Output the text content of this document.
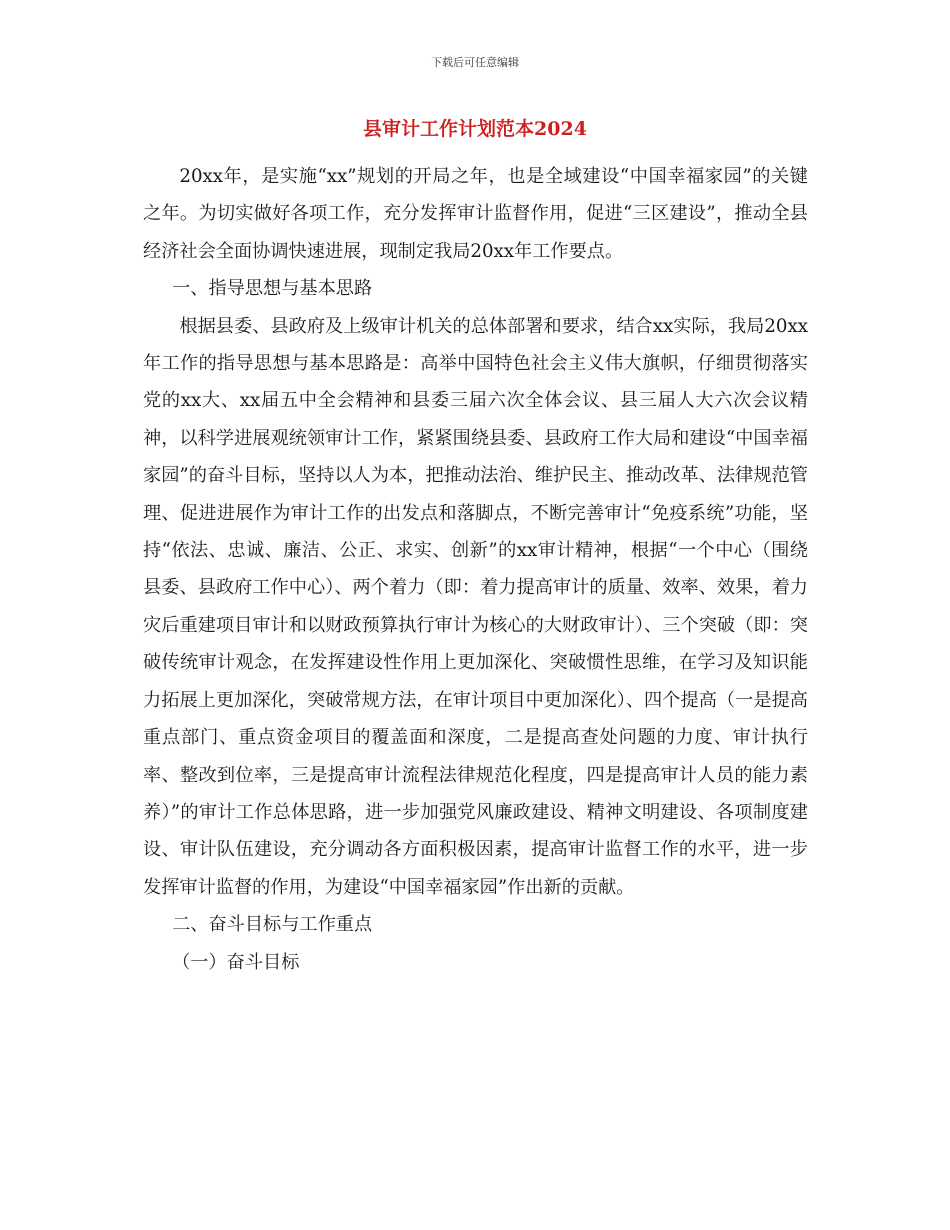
下载后可任意编辑
县审计工作计划范本2024

20xx年，是实施“xx”规划的开局之年，也是全域建设“中国幸福家园”的关键之年。为切实做好各项工作，充分发挥审计监督作用，促进“三区建设”，推动全县经济社会全面协调快速进展，现制定我局20xx年工作要点。

一、指导思想与基本思路

根据县委、县政府及上级审计机关的总体部署和要求，结合xx实际，我局20xx年工作的指导思想与基本思路是：高举中国特色社会主义伟大旗帜，仔细贯彻落实党的xx大、xx届五中全会精神和县委三届六次全体会议、县三届人大六次会议精神，以科学进展观统领审计工作，紧紧围绕县委、县政府工作大局和建设“中国幸福家园”的奋斗目标，坚持以人为本，把推动法治、维护民主、推动改革、法律规范管理、促进进展作为审计工作的出发点和落脚点，不断完善审计“免疫系统”功能，坚持“依法、忠诚、廉洁、公正、求实、创新”的xx审计精神，根据“一个中心（围绕县委、县政府工作中心）、两个着力（即：着力提高审计的质量、效率、效果，着力灾后重建项目审计和以财政预算执行审计为核心的大财政审计）、三个突破（即：突破传统审计观念，在发挥建设性作用上更加深化、突破惯性思维，在学习及知识能力拓展上更加深化，突破常规方法，在审计项目中更加深化）、四个提高（一是提高重点部门、重点资金项目的覆盖面和深度，二是提高查处问题的力度、审计执行率、整改到位率，三是提高审计流程法律规范化程度，四是提高审计人员的能力素养）”的审计工作总体思路，进一步加强党风廉政建设、精神文明建设、各项制度建设、审计队伍建设，充分调动各方面积极因素，提高审计监督工作的水平，进一步发挥审计监督的作用，为建设“中国幸福家园”作出新的贡献。

二、奋斗目标与工作重点

（一）奋斗目标
